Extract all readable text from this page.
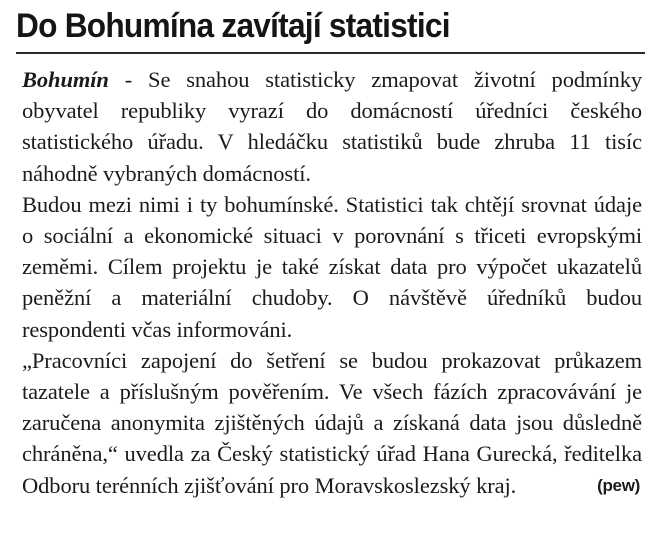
Do Bohumína zavítají statistici

Bohumín - Se snahou statisticky zmapovat životní podmínky obyvatel republiky vyrazí do domácností úředníci českého statistického úřadu. V hledáčku statistiků bude zhruba 11 tisíc náhodně vybraných domácností.

Budou mezi nimi i ty bohumínské. Statistici tak chtějí srovnat údaje o sociální a ekonomické situaci v porovnání s třiceti evropskými zeměmi. Cílem projektu je také získat data pro výpočet ukazatelů peněžní a materiální chudoby. O návštěvě úředníků budou respondenti včas informováni.

„Pracovníci zapojení do šetření se budou prokazovat průkazem tazatele a příslušným pověřením. Ve všech fázích zpracovávání je zaručena anonymita zjištěných údajů a získaná data jsou důsledně chráněna,“ uvedla za Český statistický úřad Hana Gurecká, ředitelka Odboru terénních zjišťování pro Moravskoslezský kraj.	(pew)
